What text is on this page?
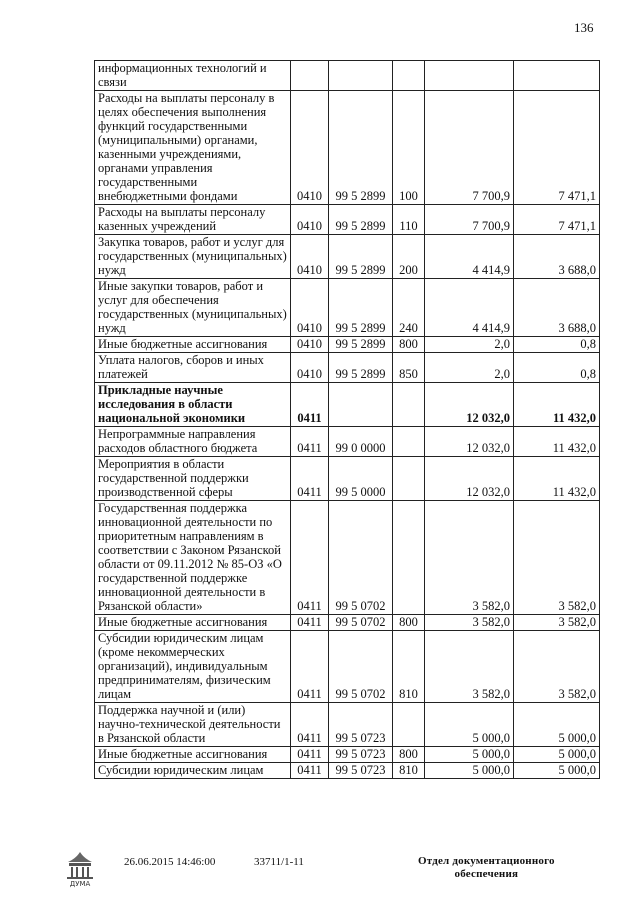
136
информационных технологий и связи					
Расходы на выплаты персоналу в целях обеспечения выполнения функций государственными (муниципальными) органами, казенными учреждениями, органами управления государственными внебюджетными фондами	0410	99 5 2899	100	7 700,9	7 471,1
Расходы на выплаты персоналу казенных учреждений	0410	99 5 2899	110	7 700,9	7 471,1
Закупка товаров, работ и услуг для государственных (муниципальных) нужд	0410	99 5 2899	200	4 414,9	3 688,0
Иные закупки товаров, работ и услуг для обеспечения государственных (муниципальных) нужд	0410	99 5 2899	240	4 414,9	3 688,0
Иные бюджетные ассигнования	0410	99 5 2899	800	2,0	0,8
Уплата налогов, сборов и иных платежей	0410	99 5 2899	850	2,0	0,8
Прикладные научные исследования в области национальной экономики	0411			12 032,0	11 432,0
Непрограммные направления расходов областного бюджета	0411	99 0 0000		12 032,0	11 432,0
Мероприятия в области государственной поддержки производственной сферы	0411	99 5 0000		12 032,0	11 432,0
Государственная поддержка инновационной деятельности по приоритетным направлениям в соответствии с Законом Рязанской области от 09.11.2012 № 85-ОЗ «О государственной поддержке инновационной деятельности в Рязанской области»	0411	99 5 0702		3 582,0	3 582,0
Иные бюджетные ассигнования	0411	99 5 0702	800	3 582,0	3 582,0
Субсидии юридическим лицам (кроме некоммерческих организаций), индивидуальным предпринимателям, физическим лицам	0411	99 5 0702	810	3 582,0	3 582,0
Поддержка научной и (или) научно-технической деятельности в Рязанской области	0411	99 5 0723		5 000,0	5 000,0
Иные бюджетные ассигнования	0411	99 5 0723	800	5 000,0	5 000,0
Субсидии юридическим лицам	0411	99 5 0723	810	5 000,0	5 000,0
ДУМА
26.06.2015 14:46:00	33711/1-11	Отдел документационного
обеспечения
